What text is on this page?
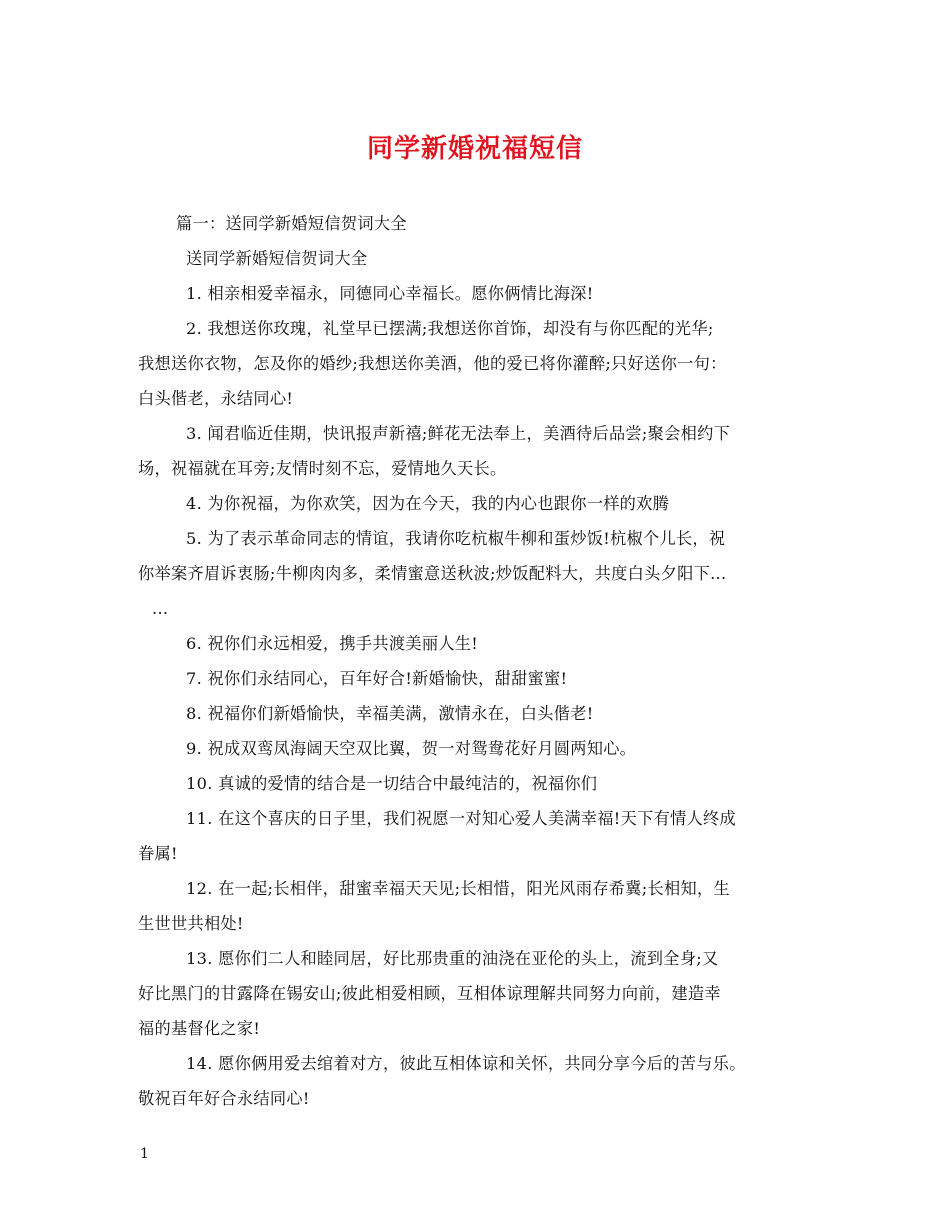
同学新婚祝福短信
篇一：送同学新婚短信贺词大全
送同学新婚短信贺词大全
1. 相亲相爱幸福永，同德同心幸福长。愿你俩情比海深!
2. 我想送你玫瑰，礼堂早已摆满;我想送你首饰，却没有与你匹配的光华;
我想送你衣物，怎及你的婚纱;我想送你美酒，他的爱已将你灌醉;只好送你一句：
白头偕老，永结同心!
3. 闻君临近佳期，快讯报声新禧;鲜花无法奉上，美酒待后品尝;聚会相约下
场，祝福就在耳旁;友情时刻不忘，爱情地久天长。
4. 为你祝福，为你欢笑，因为在今天，我的内心也跟你一样的欢腾
5. 为了表示革命同志的情谊，我请你吃杭椒牛柳和蛋炒饭!杭椒个儿长，祝
你举案齐眉诉衷肠;牛柳肉肉多，柔情蜜意送秋波;炒饭配料大，共度白头夕阳下...
...
6. 祝你们永远相爱，携手共渡美丽人生!
7. 祝你们永结同心，百年好合!新婚愉快，甜甜蜜蜜!
8. 祝福你们新婚愉快，幸福美满，激情永在，白头偕老!
9. 祝成双鸾凤海阔天空双比翼，贺一对鸳鸯花好月圆两知心。
10. 真诚的爱情的结合是一切结合中最纯洁的，祝福你们
11. 在这个喜庆的日子里，我们祝愿一对知心爱人美满幸福!天下有情人终成
眷属!
12. 在一起;长相伴，甜蜜幸福天天见;长相惜，阳光风雨存希冀;长相知，生
生世世共相处!
13. 愿你们二人和睦同居，好比那贵重的油浇在亚伦的头上，流到全身;又
好比黑门的甘露降在锡安山;彼此相爱相顾，互相体谅理解共同努力向前，建造幸
福的基督化之家!
14. 愿你俩用爱去绾着对方，彼此互相体谅和关怀，共同分享今后的苦与乐。
敬祝百年好合永结同心!
1
